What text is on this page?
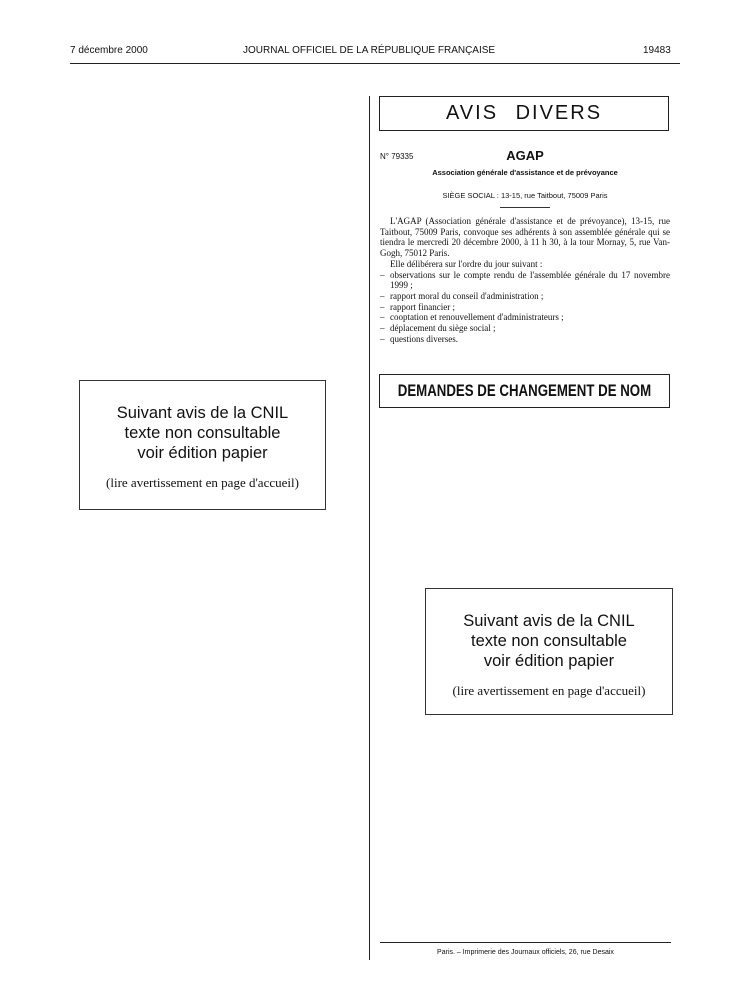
7 décembre 2000	JOURNAL OFFICIEL DE LA RÉPUBLIQUE FRANÇAISE	19483
Suivant avis de la CNIL
texte non consultable
voir édition papier
(lire avertissement en page d'accueil)
AVIS DIVERS
N° 79335	AGAP
Association générale d'assistance et de prévoyance
SIÈGE SOCIAL : 13-15, rue Taitbout, 75009 Paris

L'AGAP (Association générale d'assistance et de prévoyance), 13-15, rue Taitbout, 75009 Paris, convoque ses adhérents à son assemblée générale qui se tiendra le mercredi 20 décembre 2000, à 11 h 30, à la tour Mornay, 5, rue Van-Gogh, 75012 Paris.

Elle délibérera sur l'ordre du jour suivant :
– observations sur le compte rendu de l'assemblée générale du 17 novembre 1999 ;
– rapport moral du conseil d'administration ;
– rapport financier ;
– cooptation et renouvellement d'administrateurs ;
– déplacement du siège social ;
– questions diverses.
DEMANDES DE CHANGEMENT DE NOM
Suivant avis de la CNIL
texte non consultable
voir édition papier
(lire avertissement en page d'accueil)
Paris. – Imprimerie des Journaux officiels, 26, rue Desaix
